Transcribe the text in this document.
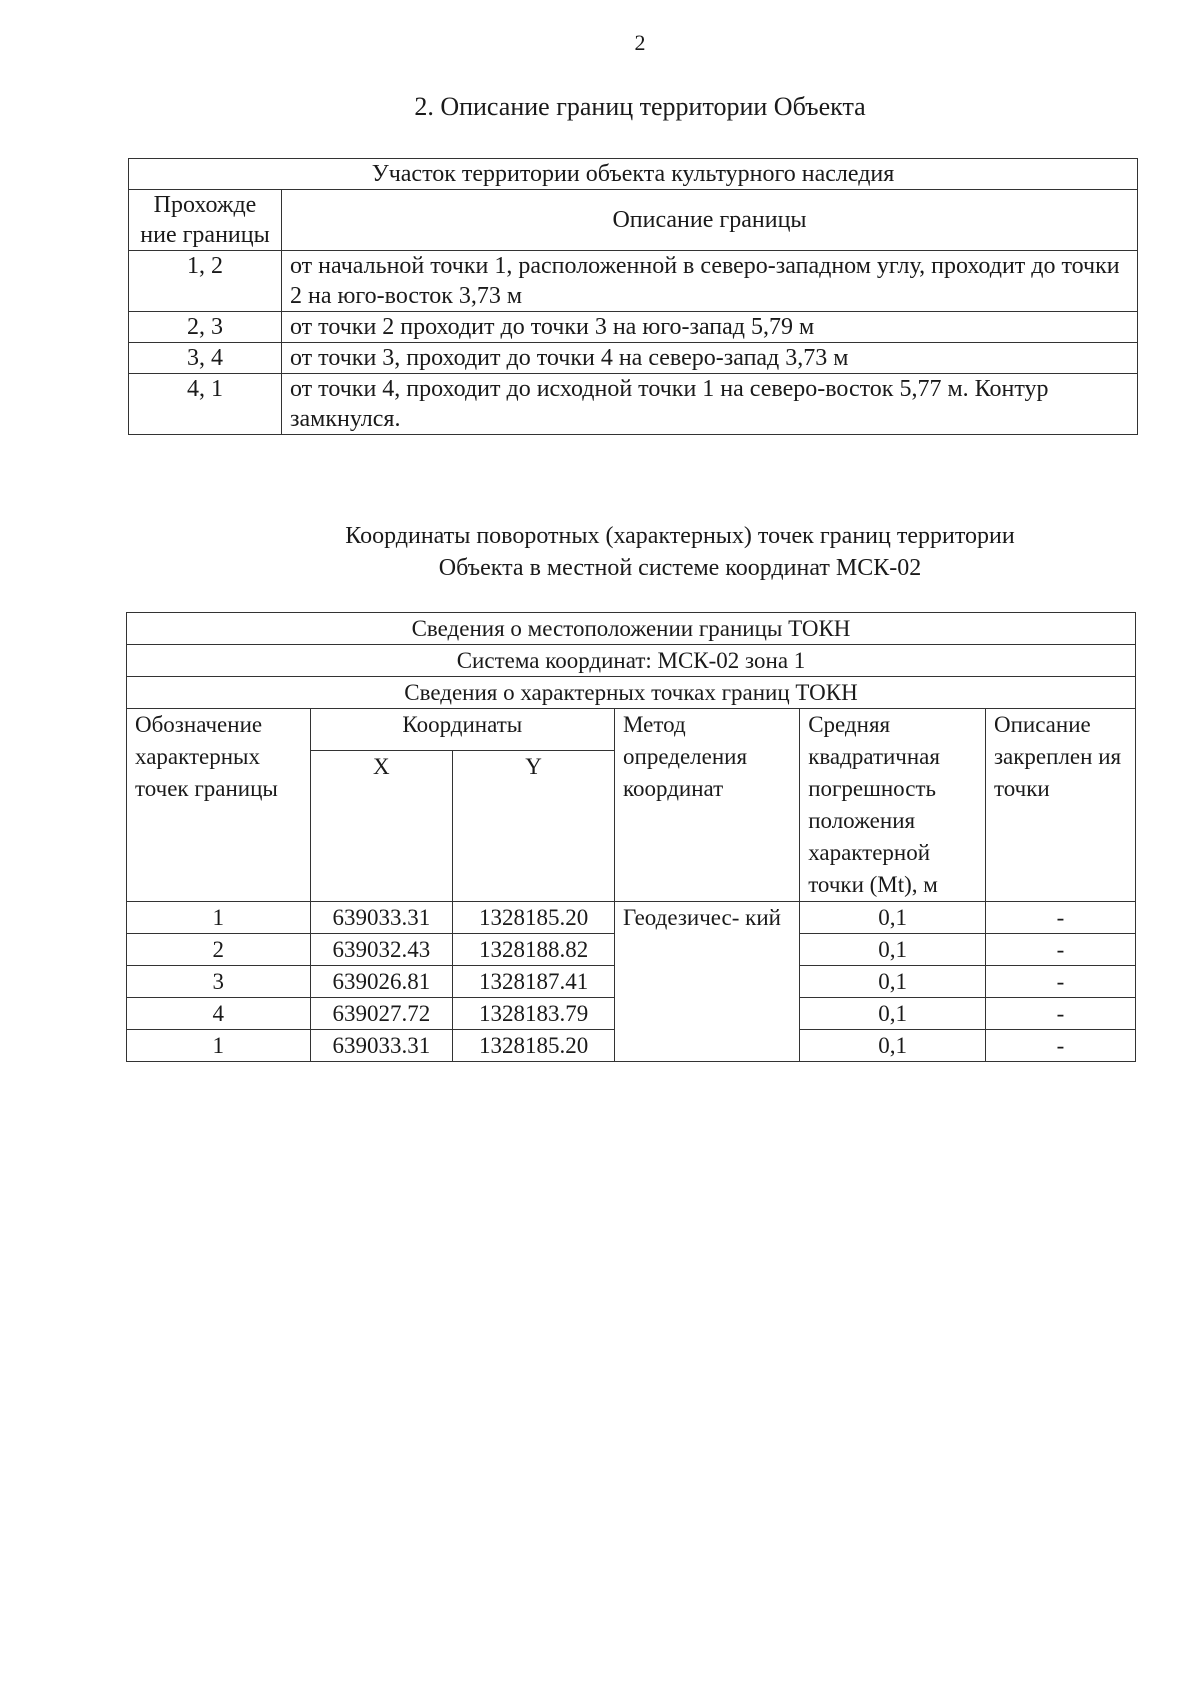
2
2. Описание границ территории Объекта
Участок территории объекта культурного наследия	
Прохожде ние границы	Описание границы
1, 2	от начальной точки 1, расположенной в северо-западном углу, проходит до точки 2 на юго-восток 3,73 м
2, 3	от точки 2 проходит до точки 3 на юго-запад 5,79 м
3, 4	от точки 3, проходит до точки 4 на северо-запад 3,73 м
4, 1	от точки 4, проходит до исходной точки 1 на северо-восток 5,77 м. Контур замкнулся.
Координаты поворотных (характерных) точек границ территории
Объекта в местной системе координат МСК-02
Сведения о местоположении границы ТОКН					
Система координат: МСК-02 зона 1					
Сведения о характерных точках границ ТОКН					
Обозначение характерных точек границы	Координаты		Метод определения координат	Средняя квадратичная погрешность положения характерной точки (Mt), м	Описание закреплен ия точки
	X	Y			
1	639033.31	1328185.20	Геодезичес- кий	0,1	-
2	639032.43	1328188.82		0,1	-
3	639026.81	1328187.41		0,1	-
4	639027.72	1328183.79		0,1	-
1	639033.31	1328185.20		0,1	-
